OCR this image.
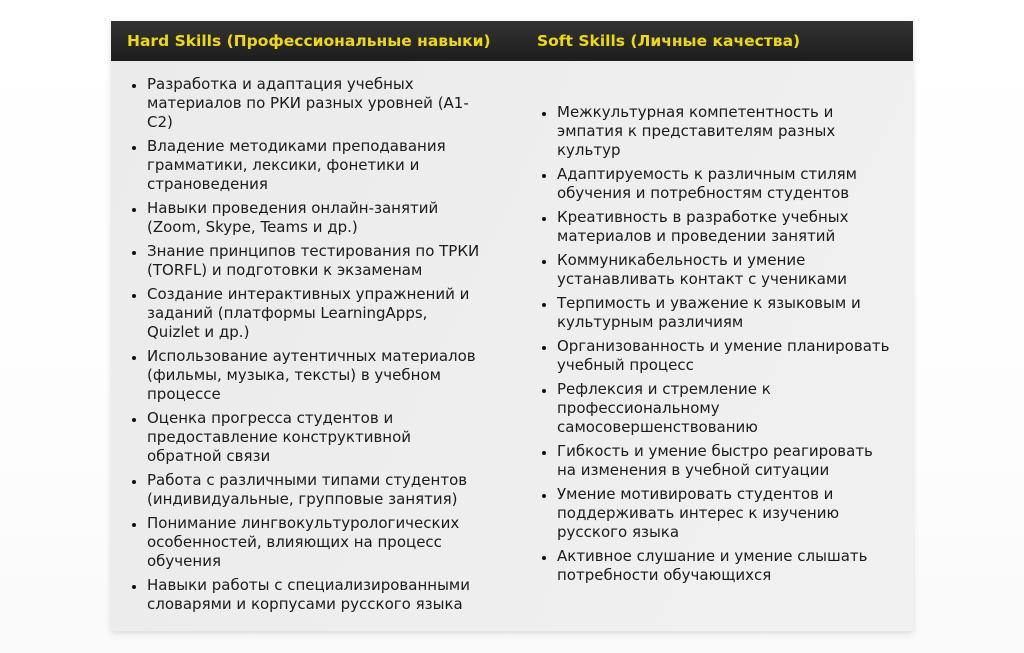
Hard Skills (Профессиональные навыки)	Soft Skills (Личные качества)
• Разработка и адаптация учебных материалов по РКИ разных уровней (A1-C2)
• Владение методиками преподавания грамматики, лексики, фонетики и страноведения
• Навыки проведения онлайн-занятий (Zoom, Skype, Teams и др.)
• Знание принципов тестирования по ТРКИ (TORFL) и подготовки к экзаменам
• Создание интерактивных упражнений и заданий (платформы LearningApps, Quizlet и др.)
• Использование аутентичных материалов (фильмы, музыка, тексты) в учебном процессе
• Оценка прогресса студентов и предоставление конструктивной обратной связи
• Работа с различными типами студентов (индивидуальные, групповые занятия)
• Понимание лингвокультурологических особенностей, влияющих на процесс обучения
• Навыки работы с специализированными словарями и корпусами русского языка
• Межкультурная компетентность и эмпатия к представителям разных культур
• Адаптируемость к различным стилям обучения и потребностям студентов
• Креативность в разработке учебных материалов и проведении занятий
• Коммуникабельность и умение устанавливать контакт с учениками
• Терпимость и уважение к языковым и культурным различиям
• Организованность и умение планировать учебный процесс
• Рефлексия и стремление к профессиональному самосовершенствованию
• Гибкость и умение быстро реагировать на изменения в учебной ситуации
• Умение мотивировать студентов и поддерживать интерес к изучению русского языка
• Активное слушание и умение слышать потребности обучающихся
